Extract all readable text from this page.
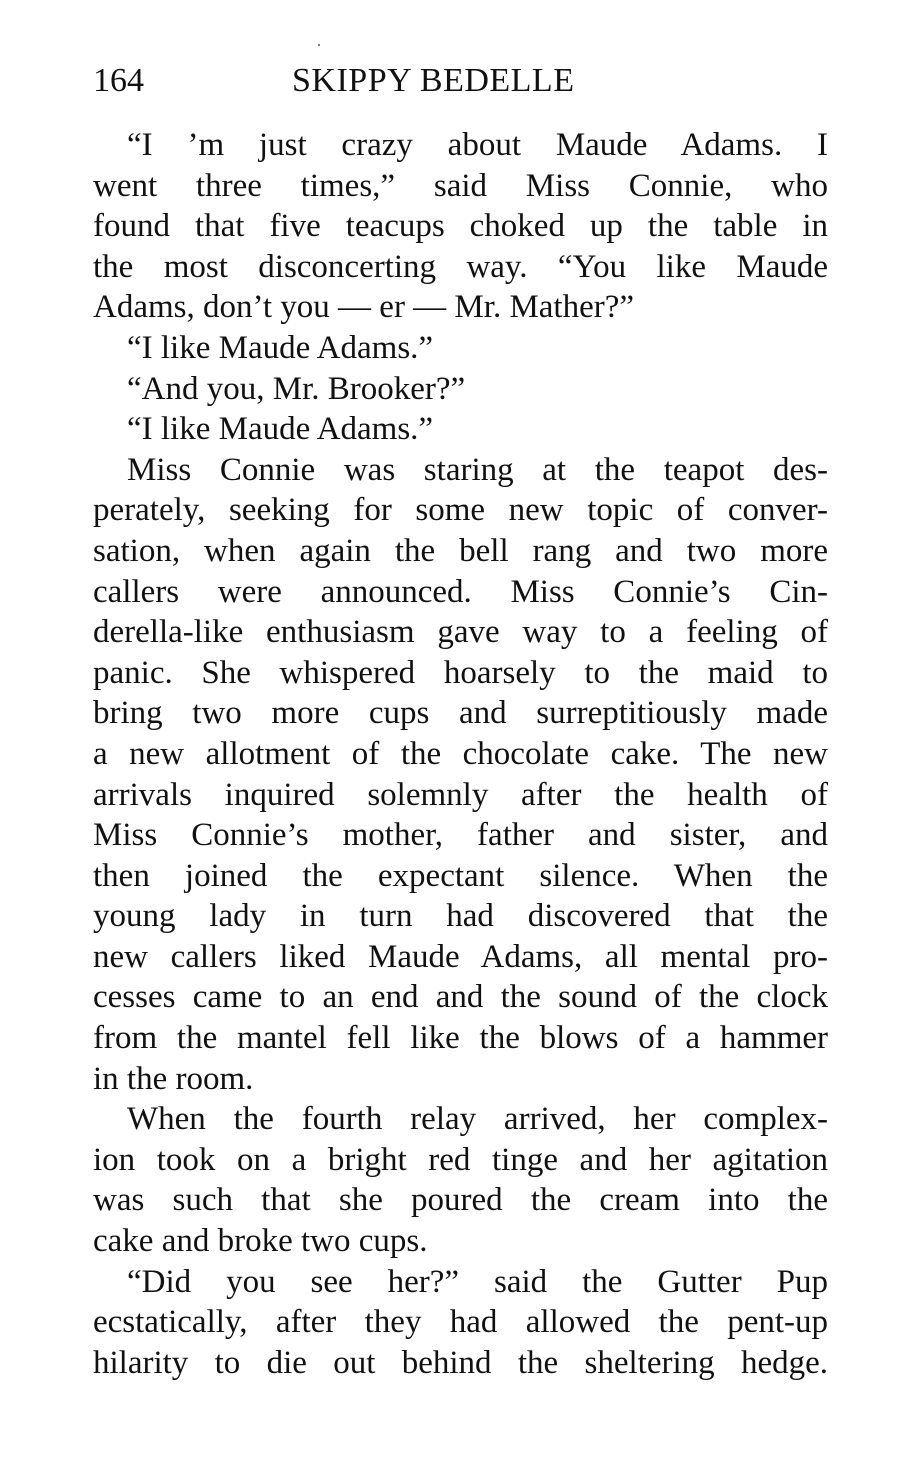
164	SKIPPY BEDELLE

“I ’m just crazy about Maude Adams. I
went three times,” said Miss Connie, who
found that five teacups choked up the table in
the most disconcerting way. “You like Maude
Adams, don’t you — er — Mr. Mather?”

“I like Maude Adams.”

“And you, Mr. Brooker?”

“I like Maude Adams.”

Miss Connie was staring at the teapot des-
perately, seeking for some new topic of conver-
sation, when again the bell rang and two more
callers were announced. Miss Connie’s Cin-
derella-like enthusiasm gave way to a feeling of
panic. She whispered hoarsely to the maid to
bring two more cups and surreptitiously made
a new allotment of the chocolate cake. The new
arrivals inquired solemnly after the health of
Miss Connie’s mother, father and sister, and
then joined the expectant silence. When the
young lady in turn had discovered that the
new callers liked Maude Adams, all mental pro-
cesses came to an end and the sound of the clock
from the mantel fell like the blows of a hammer
in the room.

When the fourth relay arrived, her complex-
ion took on a bright red tinge and her agitation
was such that she poured the cream into the
cake and broke two cups.

“Did you see her?” said the Gutter Pup
ecstatically, after they had allowed the pent-up
hilarity to die out behind the sheltering hedge.
